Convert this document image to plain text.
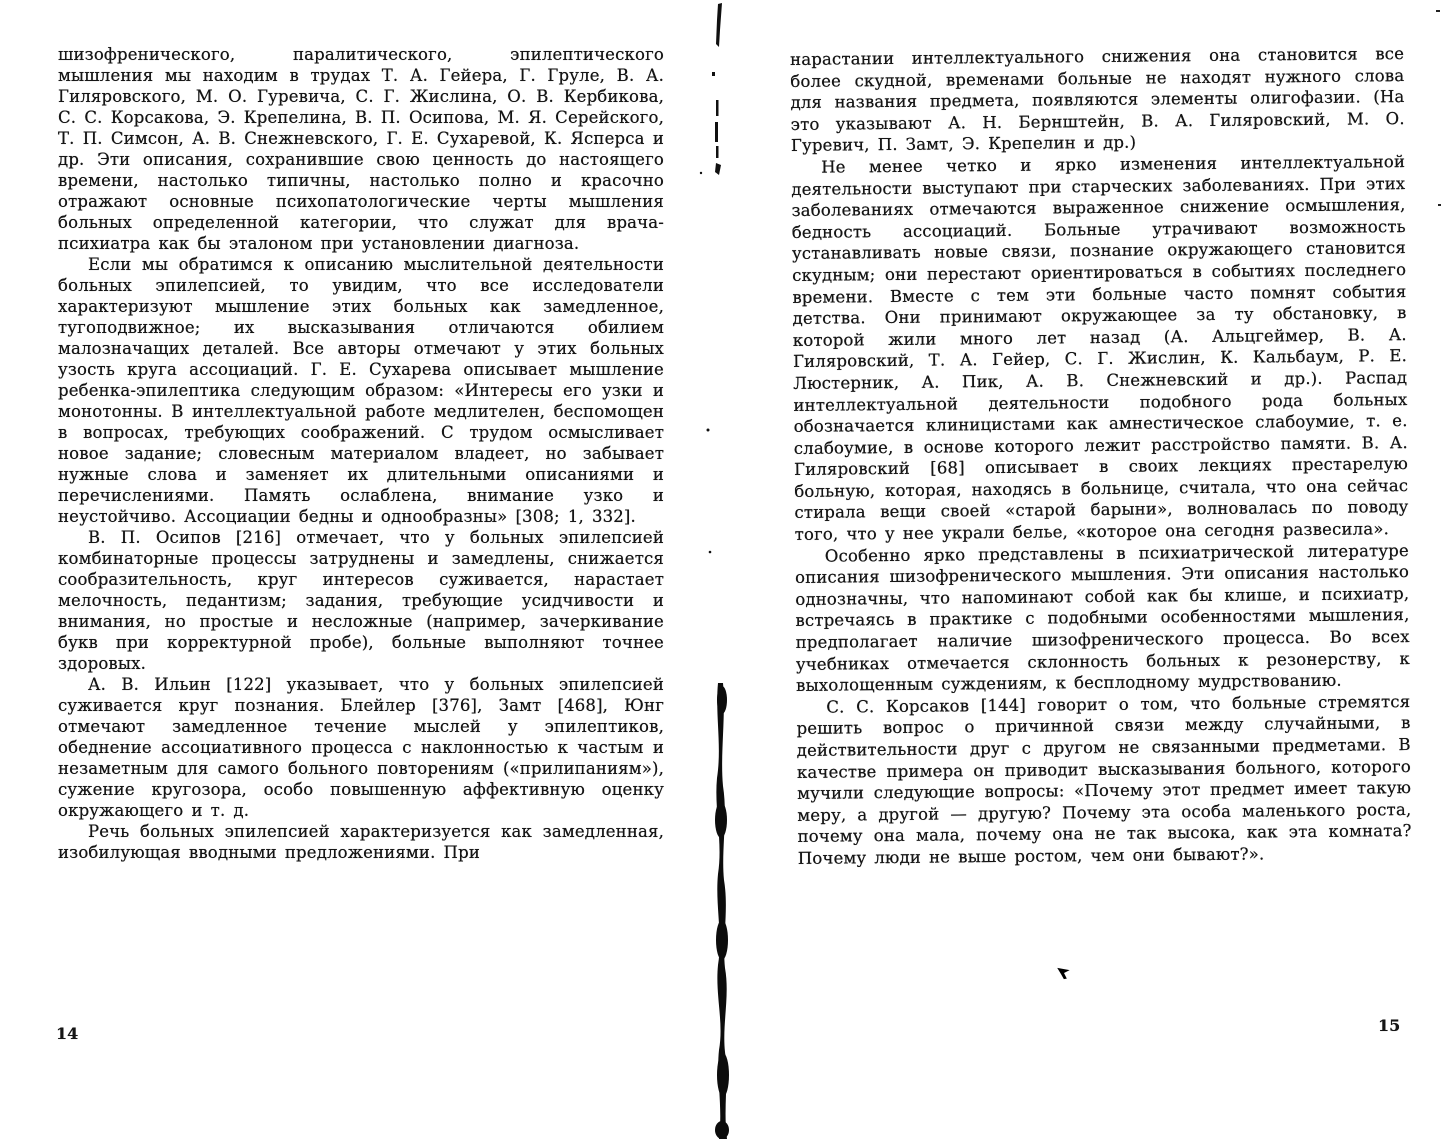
шизофренического, паралитического, эпилептического мышления мы находим в трудах Т. А. Гейера, Г. Груле, В. А. Гиляровского, М. О. Гуревича, С. Г. Жислина, О. В. Кербикова, С. С. Корсакова, Э. Крепелина, В. П. Осипова, М. Я. Серейского, Т. П. Симсон, А. В. Снежневского, Г. Е. Сухаревой, К. Ясперса и др. Эти описания, сохранившие свою ценность до настоящего времени, настолько типичны, настолько полно и красочно отражают основные психопатологические черты мышления больных определенной категории, что служат для врача-психиатра как бы эталоном при установлении диагноза.

Если мы обратимся к описанию мыслительной деятельности больных эпилепсией, то увидим, что все исследователи характеризуют мышление этих больных как замедленное, тугоподвижное; их высказывания отличаются обилием малозначащих деталей. Все авторы отмечают у этих больных узость круга ассоциаций. Г. Е. Сухарева описывает мышление ребенка-эпилептика следующим образом: «Интересы его узки и монотонны. В интеллектуальной работе медлителен, беспомощен в вопросах, требующих соображений. С трудом осмысливает новое задание; словесным материалом владеет, но забывает нужные слова и заменяет их длительными описаниями и перечислениями. Память ослаблена, внимание узко и неустойчиво. Ассоциации бедны и однообразны» [308; 1, 332].

В. П. Осипов [216] отмечает, что у больных эпилепсией комбинаторные процессы затруднены и замедлены, снижается сообразительность, круг интересов суживается, нарастает мелочность, педантизм; задания, требующие усидчивости и внимания, но простые и несложные (например, зачеркивание букв при корректурной пробе), больные выполняют точнее здоровых.

А. В. Ильин [122] указывает, что у больных эпилепсией суживается круг познания. Блейлер [376], Замт [468], Юнг отмечают замедленное течение мыслей у эпилептиков, обеднение ассоциативного процесса с наклонностью к частым и незаметным для самого больного повторениям («прилипаниям»), сужение кругозора, особо повышенную аффективную оценку окружающего и т. д.

Речь больных эпилепсией характеризуется как замедленная, изобилующая вводными предложениями. При

14

нарастании интеллектуального снижения она становится все более скудной, временами больные не находят нужного слова для названия предмета, появляются элементы олигофазии. (На это указывают А. Н. Бернштейн, В. А. Гиляровский, М. О. Гуревич, П. Замт, Э. Крепелин и др.)

Не менее четко и ярко изменения интеллектуальной деятельности выступают при старческих заболеваниях. При этих заболеваниях отмечаются выраженное снижение осмышления, бедность ассоциаций. Больные утрачивают возможность устанавливать новые связи, познание окружающего становится скудным; они перестают ориентироваться в событиях последнего времени. Вместе с тем эти больные часто помнят события детства. Они принимают окружающее за ту обстановку, в которой жили много лет назад (А. Альцгеймер, В. А. Гиляровский, Т. А. Гейер, С. Г. Жислин, К. Кальбаум, Р. Е. Люстерник, А. Пик, А. В. Снежневский и др.). Распад интеллектуальной деятельности подобного рода больных обозначается клиницистами как амнестическое слабоумие, т. е. слабоумие, в основе которого лежит расстройство памяти. В. А. Гиляровский [68] описывает в своих лекциях престарелую больную, которая, находясь в больнице, считала, что она сейчас стирала вещи своей «старой барыни», волновалась по поводу того, что у нее украли белье, «которое она сегодня развесила».

Особенно ярко представлены в психиатрической литературе описания шизофренического мышления. Эти описания настолько однозначны, что напоминают собой как бы клише, и психиатр, встречаясь в практике с подобными особенностями мышления, предполагает наличие шизофренического процесса. Во всех учебниках отмечается склонность больных к резонерству, к выхолощенным суждениям, к бесплодному мудрствованию.

С. С. Корсаков [144] говорит о том, что больные стремятся решить вопрос о причинной связи между случайными, в действительности друг с другом не связанными предметами. В качестве примера он приводит высказывания больного, которого мучили следующие вопросы: «Почему этот предмет имеет такую меру, а другой — другую? Почему эта особа маленького роста, почему она мала, почему она не так высока, как эта комната? Почему люди не выше ростом, чем они бывают?».

15
